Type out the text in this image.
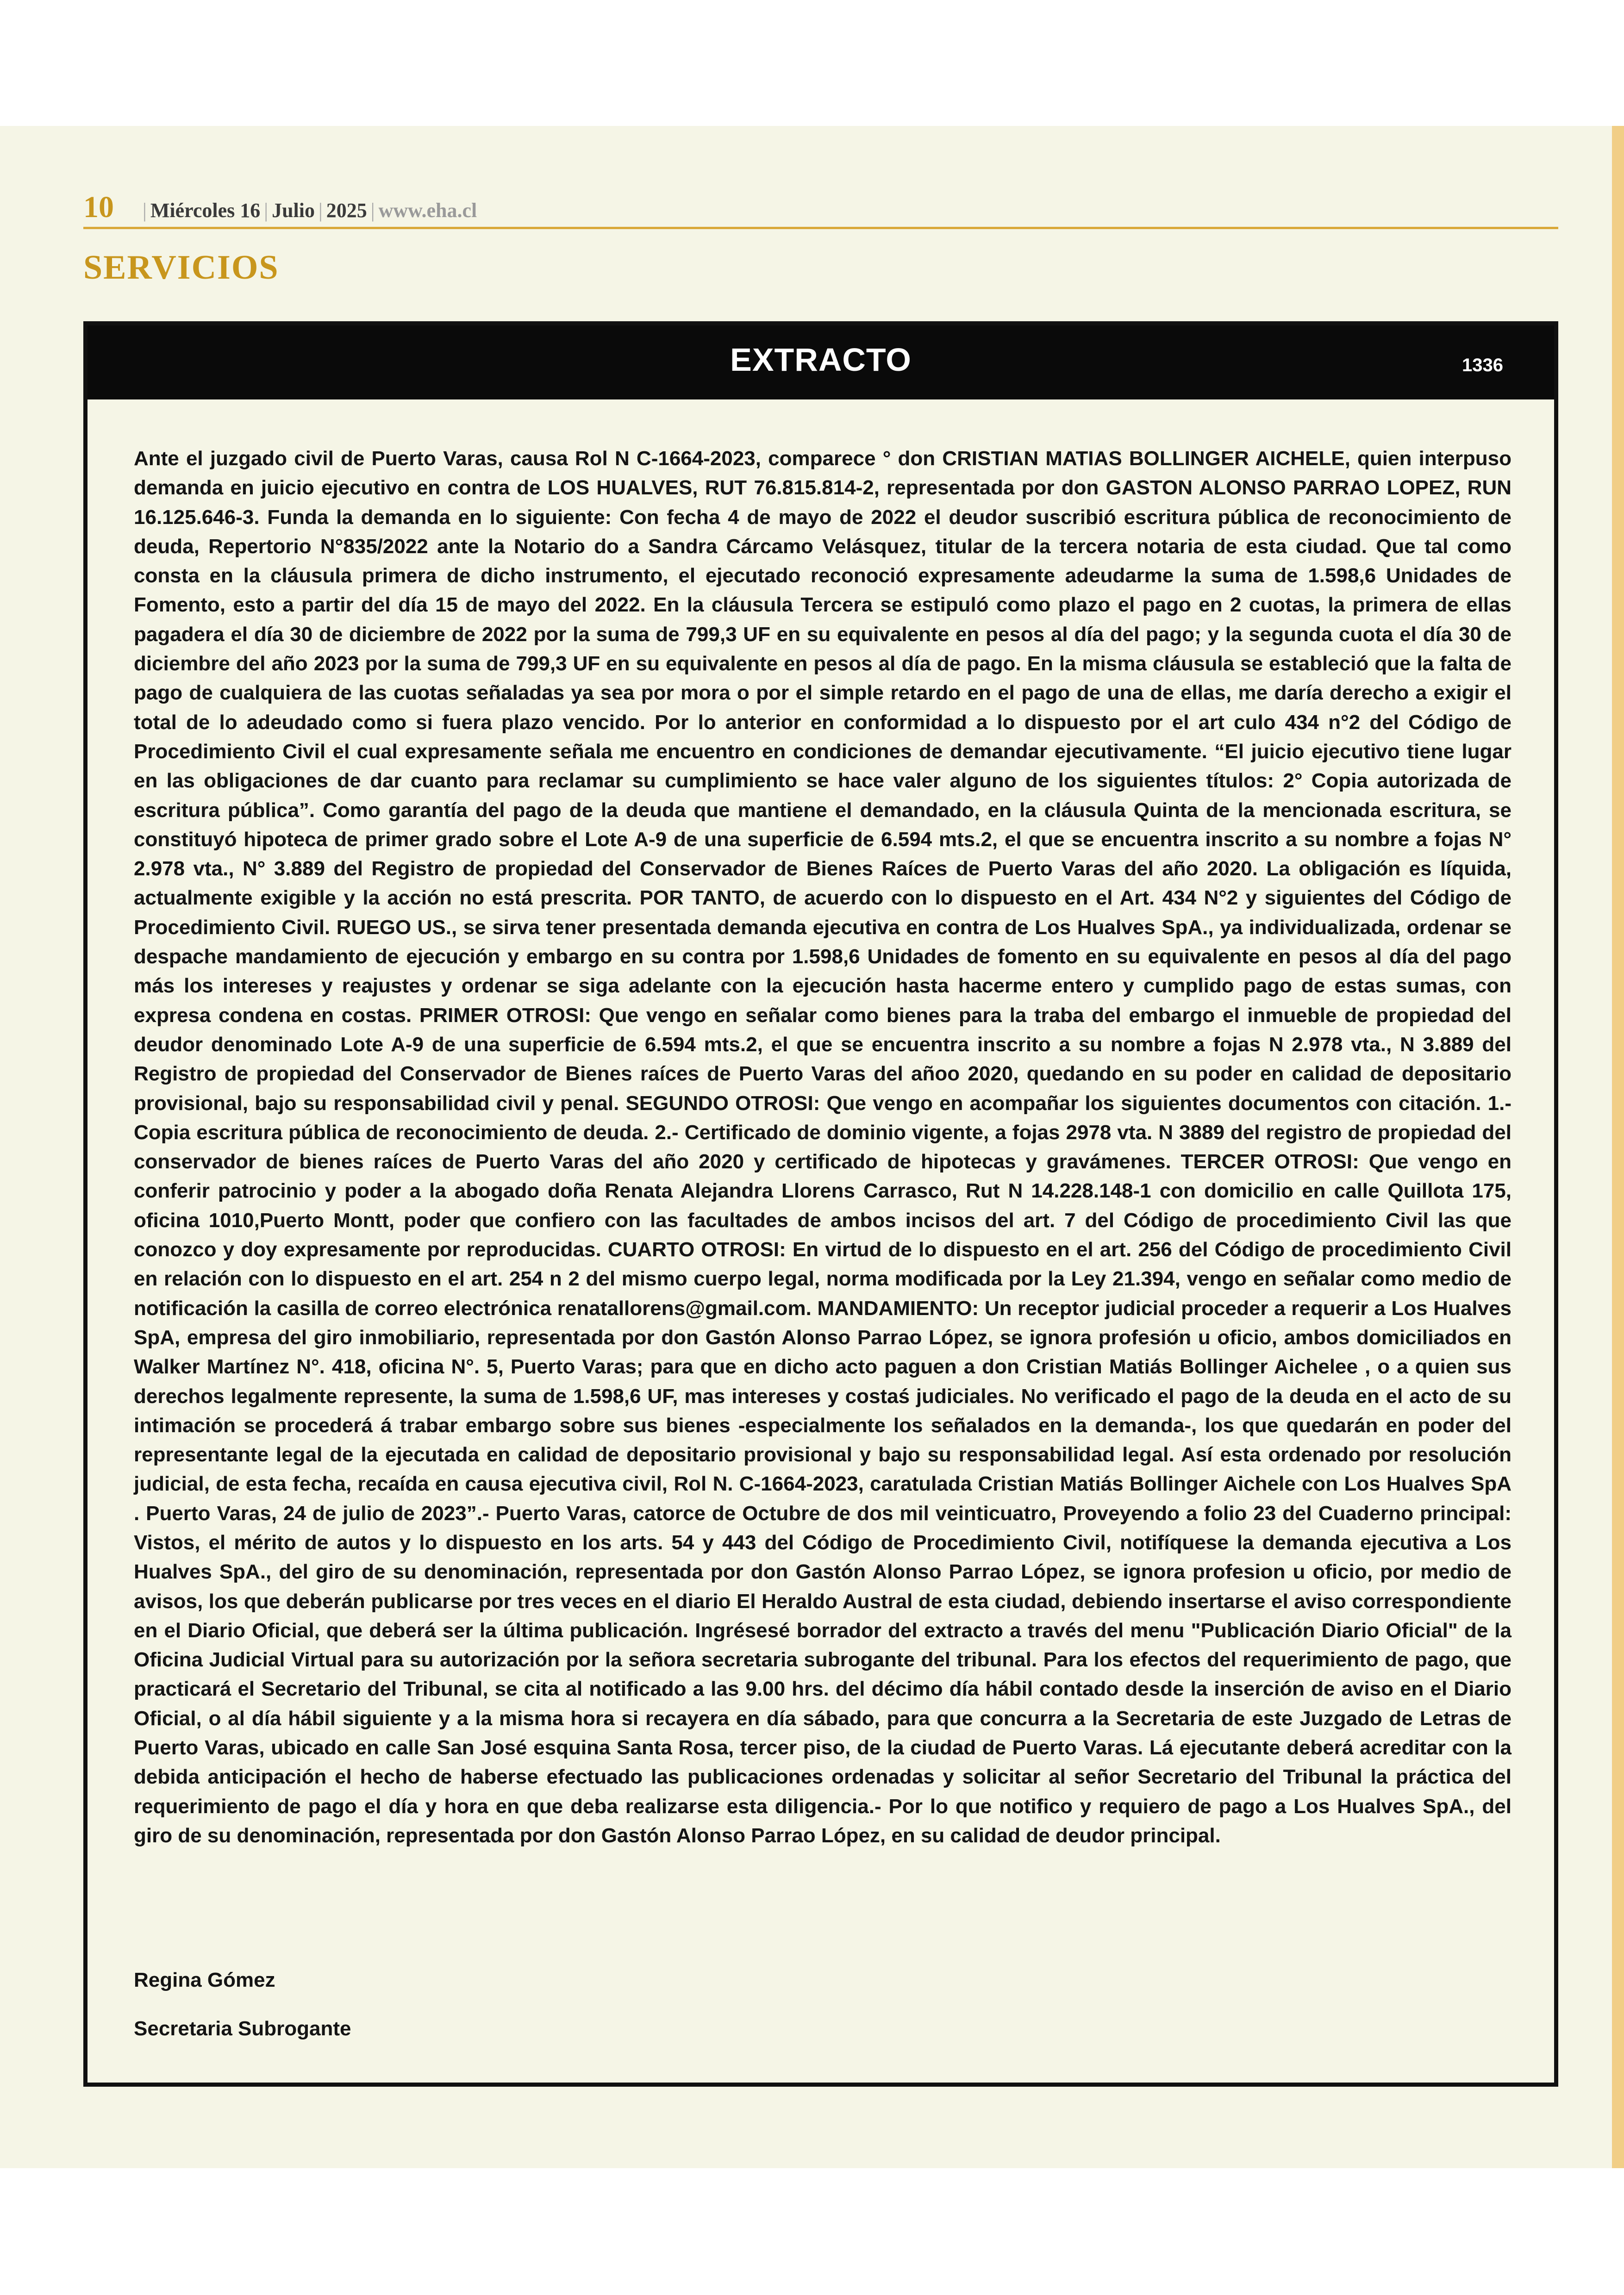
10	| Miércoles 16 | Julio | 2025 | www.eha.cl
SERVICIOS
EXTRACTO	1336

Ante el juzgado civil de Puerto Varas, causa Rol N C-1664-2023, comparece ° don CRISTIAN MATIAS BOLLINGER AICHELE, quien interpuso demanda en juicio ejecutivo en contra de LOS HUALVES, RUT 76.815.814-2, representada por don GASTON ALONSO PARRAO LOPEZ, RUN 16.125.646-3. Funda la demanda en lo siguiente: Con fecha 4 de mayo de 2022 el deudor suscribió escritura pública de reconocimiento de deuda, Repertorio N°835/2022 ante la Notario do a Sandra Cárcamo Velásquez, titular de la tercera notaria de esta ciudad. Que tal como consta en la cláusula primera de dicho instrumento, el ejecutado reconoció expresamente adeudarme la suma de 1.598,6 Unidades de Fomento, esto a partir del día 15 de mayo del 2022. En la cláusula Tercera se estipuló como plazo el pago en 2 cuotas, la primera de ellas pagadera el día 30 de diciembre de 2022 por la suma de 799,3 UF en su equivalente en pesos al día del pago; y la segunda cuota el día 30 de diciembre del año 2023 por la suma de 799,3 UF en su equivalente en pesos al día de pago. En la misma cláusula se estableció que la falta de pago de cualquiera de las cuotas señaladas ya sea por mora o por el simple retardo en el pago de una de ellas, me daría derecho a exigir el total de lo adeudado como si fuera plazo vencido. Por lo anterior en conformidad a lo dispuesto por el art culo 434 n°2 del Código de Procedimiento Civil el cual expresamente señala me encuentro en condiciones de demandar ejecutivamente. “El juicio ejecutivo tiene lugar en las obligaciones de dar cuanto para reclamar su cumplimiento se hace valer alguno de los siguientes títulos: 2° Copia autorizada de escritura pública”. Como garantía del pago de la deuda que mantiene el demandado, en la cláusula Quinta de la mencionada escritura, se constituyó hipoteca de primer grado sobre el Lote A-9 de una superficie de 6.594 mts.2, el que se encuentra inscrito a su nombre a fojas N° 2.978 vta., N° 3.889 del Registro de propiedad del Conservador de Bienes Raíces de Puerto Varas del año 2020. La obligación es líquida, actualmente exigible y la acción no está prescrita. POR TANTO, de acuerdo con lo dispuesto en el Art. 434 N°2 y siguientes del Código de Procedimiento Civil. RUEGO US., se sirva tener presentada demanda ejecutiva en contra de Los Hualves SpA., ya individualizada, ordenar se despache mandamiento de ejecución y embargo en su contra por 1.598,6 Unidades de fomento en su equivalente en pesos al día del pago más los intereses y reajustes y ordenar se siga adelante con la ejecución hasta hacerme entero y cumplido pago de estas sumas, con expresa condena en costas. PRIMER OTROSI: Que vengo en señalar como bienes para la traba del embargo el inmueble de propiedad del deudor denominado Lote A-9 de una superficie de 6.594 mts.2, el que se encuentra inscrito a su nombre a fojas N 2.978 vta., N 3.889 del Registro de propiedad del Conservador de Bienes raíces de Puerto Varas del añoo 2020, quedando en su poder en calidad de depositario provisional, bajo su responsabilidad civil y penal. SEGUNDO OTROSI: Que vengo en acompañar los siguientes documentos con citación. 1.- Copia escritura pública de reconocimiento de deuda. 2.- Certificado de dominio vigente, a fojas 2978 vta. N 3889 del registro de propiedad del conservador de bienes raíces de Puerto Varas del año 2020 y certificado de hipotecas y gravámenes. TERCER OTROSI: Que vengo en conferir patrocinio y poder a la abogado doña Renata Alejandra Llorens Carrasco, Rut N 14.228.148-1 con domicilio en calle Quillota 175, oficina 1010,Puerto Montt, poder que confiero con las facultades de ambos incisos del art. 7 del Código de procedimiento Civil las que conozco y doy expresamente por reproducidas. CUARTO OTROSI: En virtud de lo dispuesto en el art. 256 del Código de procedimiento Civil en relación con lo dispuesto en el art. 254 n 2 del mismo cuerpo legal, norma modificada por la Ley 21.394, vengo en señalar como medio de notificación la casilla de correo electrónica renatallorens@gmail.com. MANDAMIENTO: Un receptor judicial proceder a requerir a Los Hualves SpA, empresa del giro inmobiliario, representada por don Gastón Alonso Parrao López, se ignora profesión u oficio, ambos domiciliados en Walker Martínez N°. 418, oficina N°. 5, Puerto Varas; para que en dicho acto paguen a don Cristian Matiás Bollinger Aichelee , o a quien sus derechos legalmente represente, la suma de 1.598,6 UF, mas intereses y costaś judiciales. No verificado el pago de la deuda en el acto de su intimación se procederá á trabar embargo sobre sus bienes -especialmente los señalados en la demanda-, los que quedarán en poder del representante legal de la ejecutada en calidad de depositario provisional y bajo su responsabilidad legal. Así esta ordenado por resolución judicial, de esta fecha, recaída en causa ejecutiva civil, Rol N. C-1664-2023, caratulada Cristian Matiás Bollinger Aichele con Los Hualves SpA . Puerto Varas, 24 de julio de 2023”.- Puerto Varas, catorce de Octubre de dos mil veinticuatro, Proveyendo a folio 23 del Cuaderno principal: Vistos, el mérito de autos y lo dispuesto en los arts. 54 y 443 del Código de Procedimiento Civil, notifíquese la demanda ejecutiva a Los Hualves SpA., del giro de su denominación, representada por don Gastón Alonso Parrao López, se ignora profesion u oficio, por medio de avisos, los que deberán publicarse por tres veces en el diario El Heraldo Austral de esta ciudad, debiendo insertarse el aviso correspondiente en el Diario Oficial, que deberá ser la última publicación. Ingrésesé borrador del extracto a través del menu "Publicación Diario Oficial" de la Oficina Judicial Virtual para su autorización por la señora secretaria subrogante del tribunal. Para los efectos del requerimiento de pago, que practicará el Secretario del Tribunal, se cita al notificado a las 9.00 hrs. del décimo día hábil contado desde la inserción de aviso en el Diario Oficial, o al día hábil siguiente y a la misma hora si recayera en día sábado, para que concurra a la Secretaria de este Juzgado de Letras de Puerto Varas, ubicado en calle San José esquina Santa Rosa, tercer piso, de la ciudad de Puerto Varas. Lá ejecutante deberá acreditar con la debida anticipación el hecho de haberse efectuado las publicaciones ordenadas y solicitar al señor Secretario del Tribunal la práctica del requerimiento de pago el día y hora en que deba realizarse esta diligencia.- Por lo que notifico y requiero de pago a Los Hualves SpA., del giro de su denominación, representada por don Gastón Alonso Parrao López, en su calidad de deudor principal.

Regina Gómez
Secretaria Subrogante
